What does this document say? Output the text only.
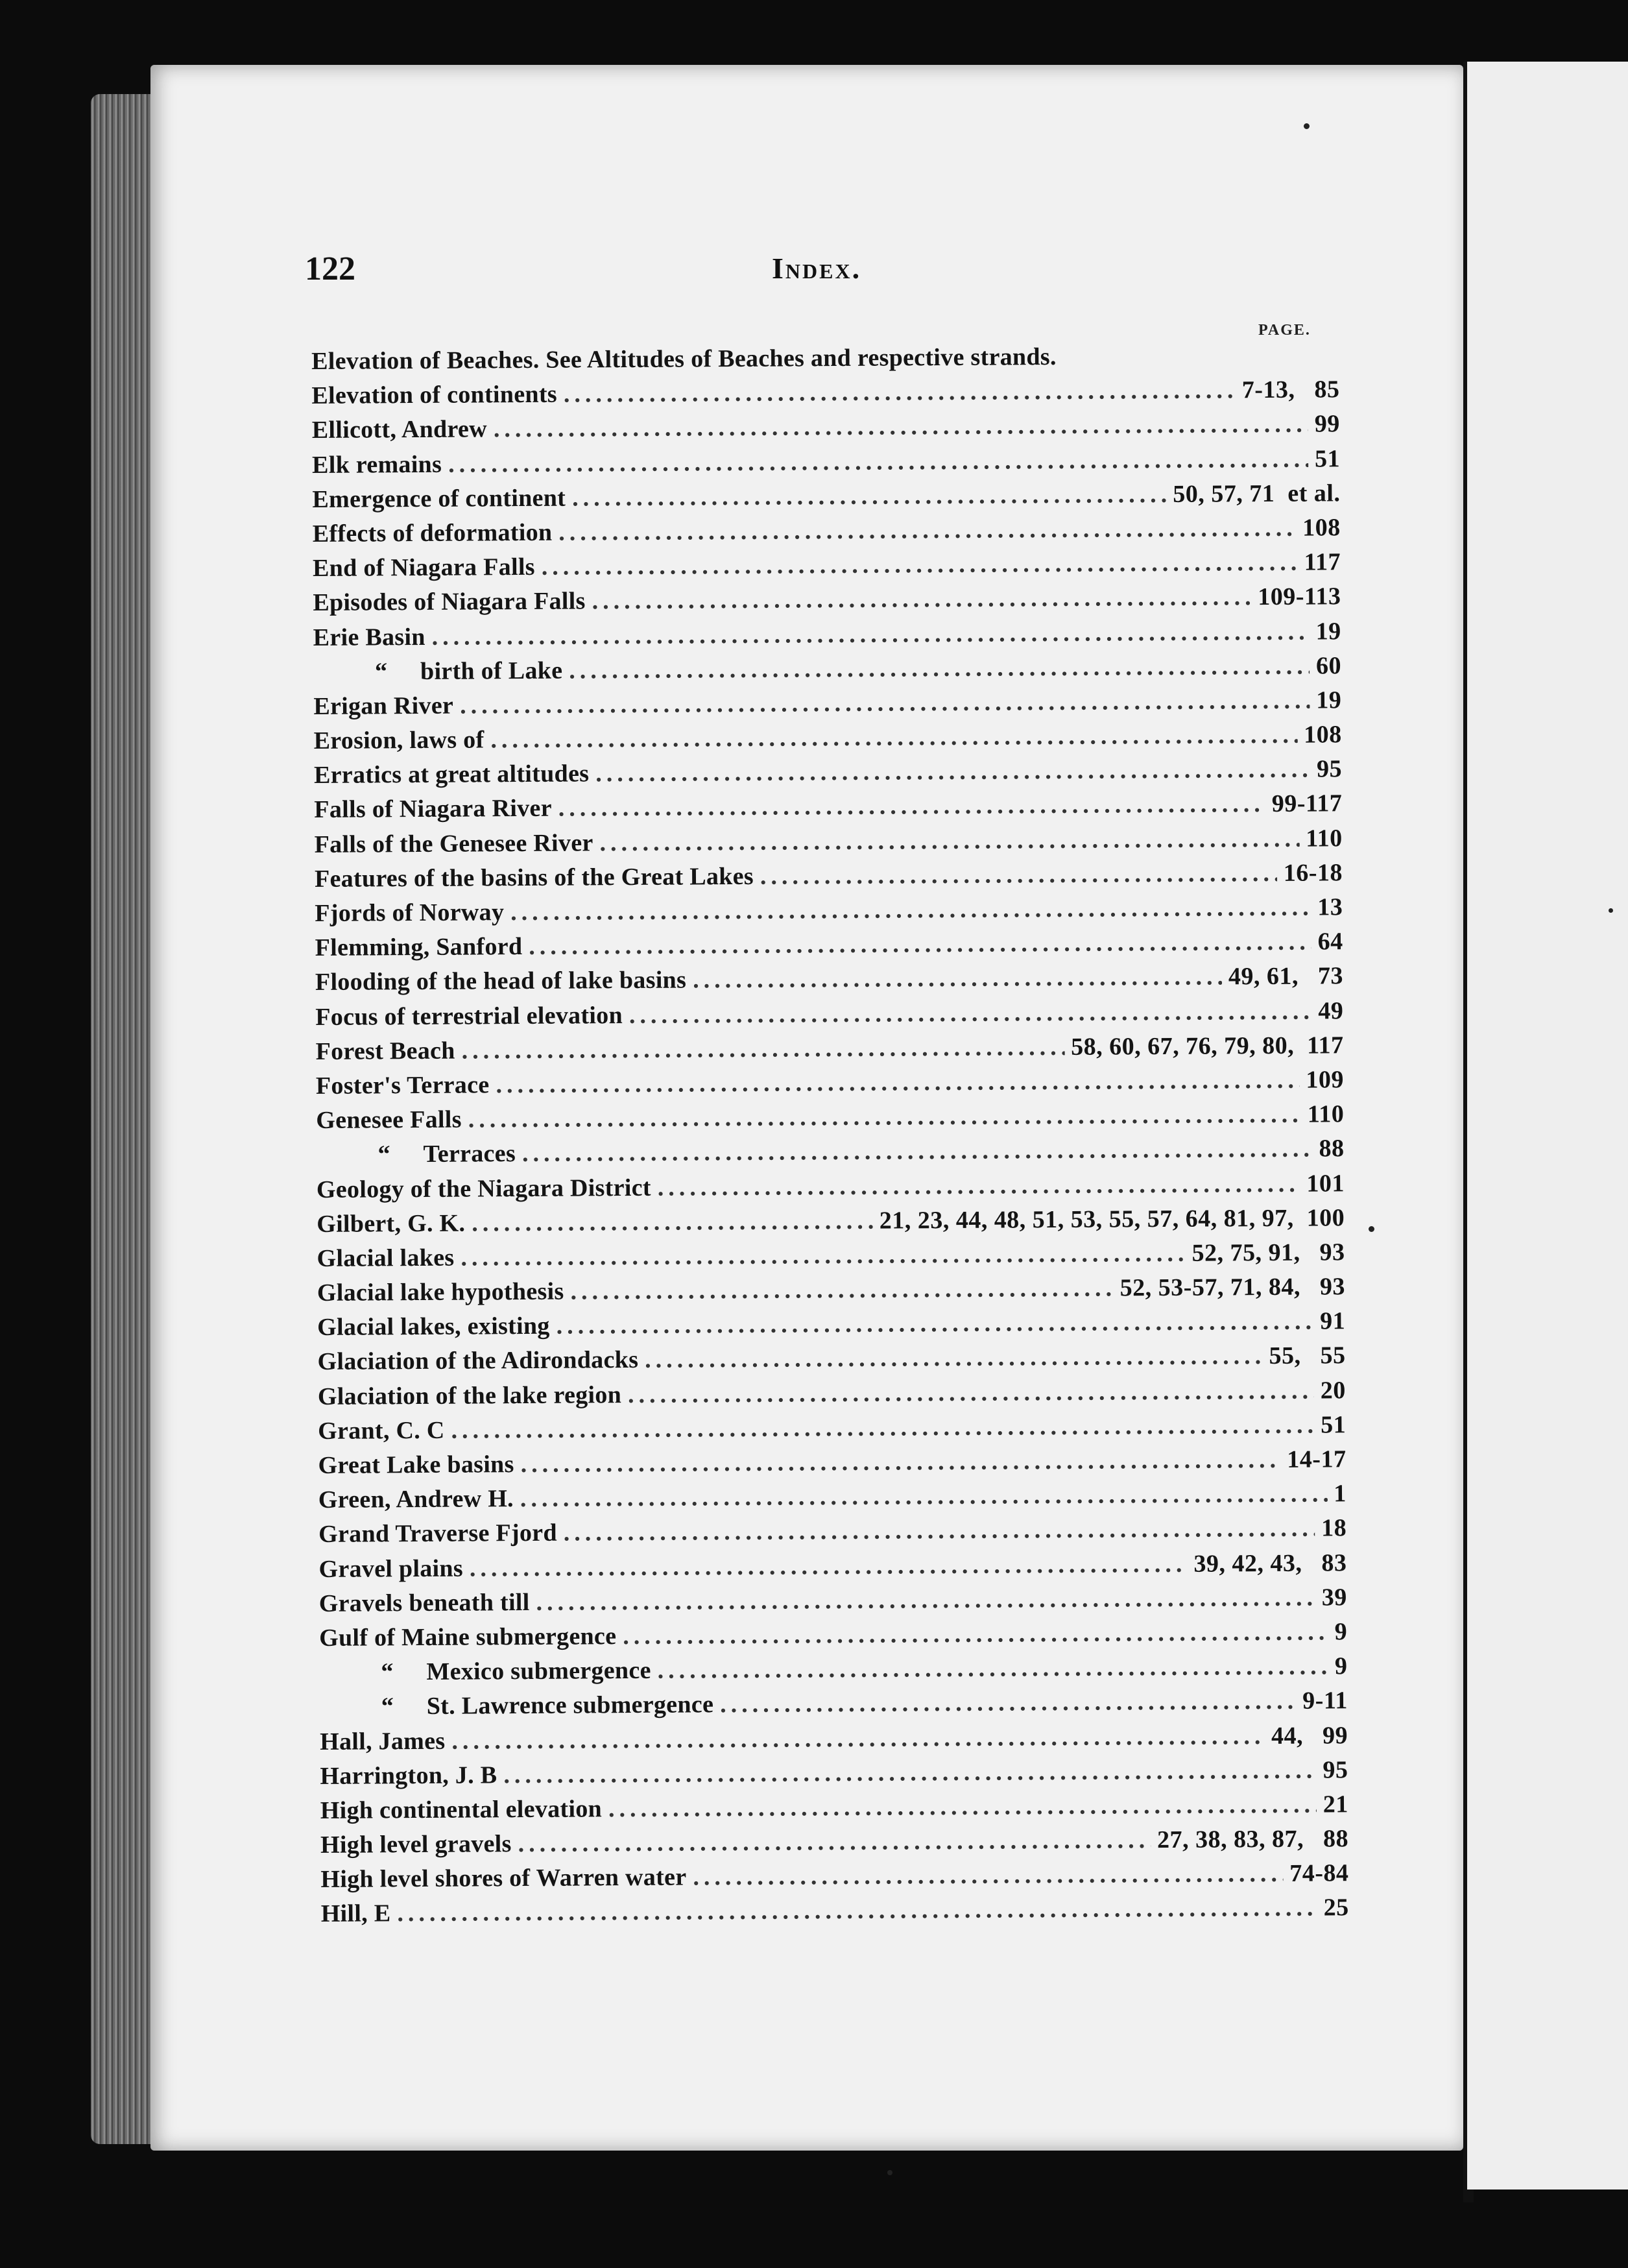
122	Index.
PAGE.
Elevation of Beaches. See Altitudes of Beaches and respective strands.
Elevation of continents .....	7-13,   85
Ellicott, Andrew .....	99
Elk remains .....	51
Emergence of continent .....	50, 57, 71  et al.
Effects of deformation .....	108
End of Niagara Falls .....	117
Episodes of Niagara Falls .....	109-113
Erie Basin .....	19
“ birth of Lake .....	60
Erigan River .....	19
Erosion, laws of .....	108
Erratics at great altitudes .....	95
Falls of Niagara River .....	99-117
Falls of the Genesee River .....	110
Features of the basins of the Great Lakes .....	16-18
Fjords of Norway .....	13
Flemming, Sanford .....	64
Flooding of the head of lake basins .....	49, 61,   73
Focus of terrestrial elevation .....	49
Forest Beach .....	58, 60, 67, 76, 79, 80,  117
Foster's Terrace .....	109
Genesee Falls .....	110
“ Terraces .....	88
Geology of the Niagara District .....	101
Gilbert, G. K. .....	21, 23, 44, 48, 51, 53, 55, 57, 64, 81, 97,  100
Glacial lakes .....	52, 75, 91,   93
Glacial lake hypothesis .....	52, 53-57, 71, 84,   93
Glacial lakes, existing .....	91
Glaciation of the Adirondacks .....	55,   55
Glaciation of the lake region .....	20
Grant, C. C .....	51
Great Lake basins .....	14-17
Green, Andrew H. .....	1
Grand Traverse Fjord .....	18
Gravel plains .....	39, 42, 43,   83
Gravels beneath till .....	39
Gulf of Maine submergence .....	9
“ Mexico submergence .....	9
“ St. Lawrence submergence .....	9-11
Hall, James .....	44,   99
Harrington, J. B .....	95
High continental elevation .....	21
High level gravels .....	27, 38, 83, 87,   88
High level shores of Warren water .....	74-84
Hill, E .....	25
